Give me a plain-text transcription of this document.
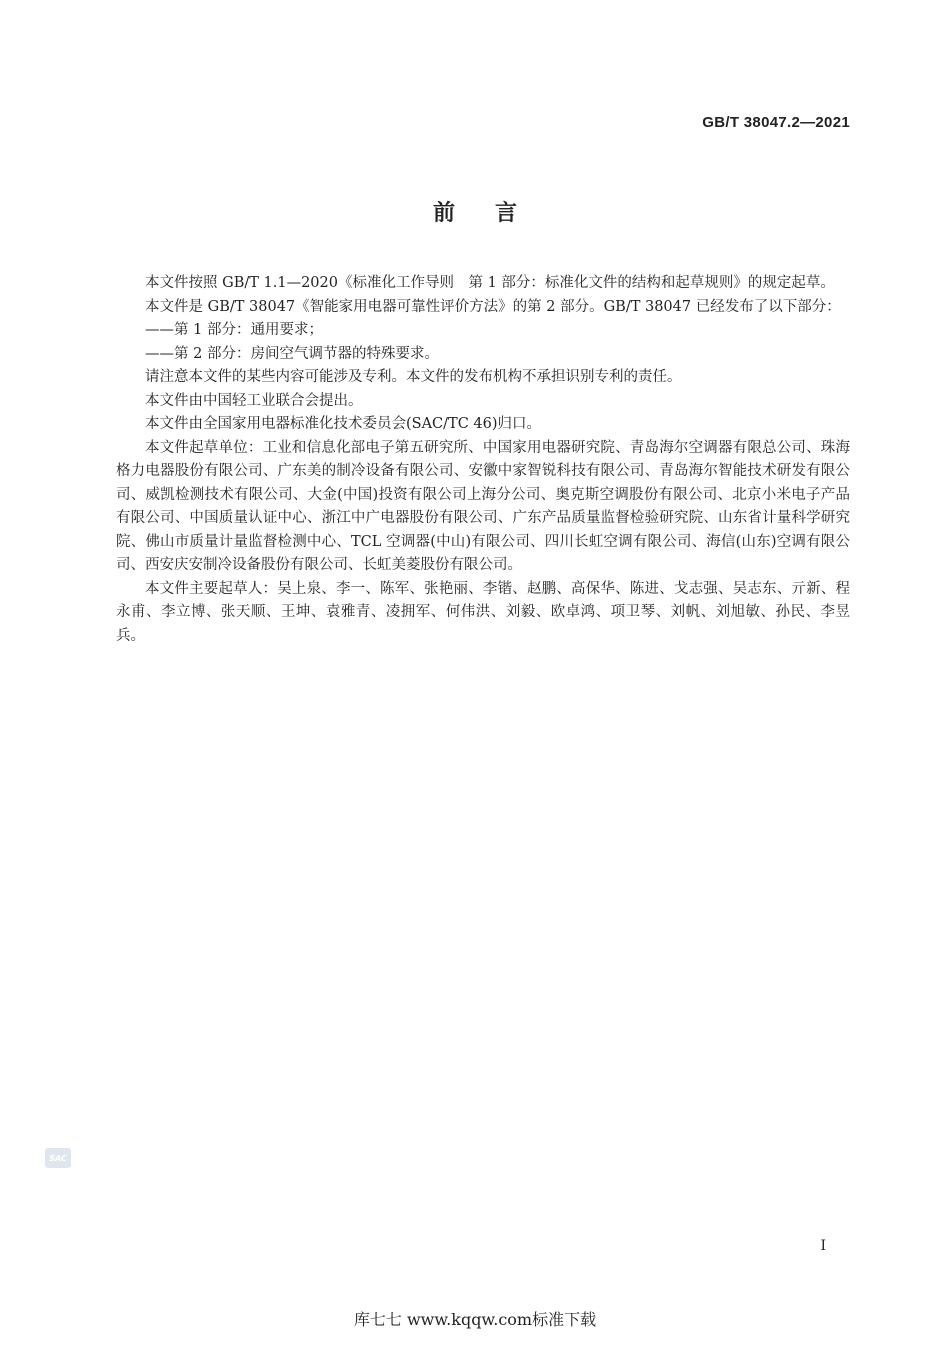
GB/T 38047.2—2021
前言

本文件按照 GB/T 1.1—2020《标准化工作导则　第 1 部分：标准化文件的结构和起草规则》的规定起草。

本文件是 GB/T 38047《智能家用电器可靠性评价方法》的第 2 部分。GB/T 38047 已经发布了以下部分：

——第 1 部分：通用要求；

——第 2 部分：房间空气调节器的特殊要求。

请注意本文件的某些内容可能涉及专利。本文件的发布机构不承担识别专利的责任。

本文件由中国轻工业联合会提出。

本文件由全国家用电器标准化技术委员会(SAC/TC 46)归口。

本文件起草单位：工业和信息化部电子第五研究所、中国家用电器研究院、青岛海尔空调器有限总公司、珠海格力电器股份有限公司、广东美的制冷设备有限公司、安徽中家智锐科技有限公司、青岛海尔智能技术研发有限公司、威凯检测技术有限公司、大金(中国)投资有限公司上海分公司、奥克斯空调股份有限公司、北京小米电子产品有限公司、中国质量认证中心、浙江中广电器股份有限公司、广东产品质量监督检验研究院、山东省计量科学研究院、佛山市质量计量监督检测中心、TCL 空调器(中山)有限公司、四川长虹空调有限公司、海信(山东)空调有限公司、西安庆安制冷设备股份有限公司、长虹美菱股份有限公司。

本文件主要起草人：吴上泉、李一、陈军、张艳丽、李锴、赵鹏、高保华、陈进、戈志强、吴志东、亓新、程永甫、李立博、张天顺、王坤、袁雅青、凌拥军、何伟洪、刘毅、欧卓鸿、项卫琴、刘帆、刘旭敏、孙民、李昱兵。

SAC
I
库七七 www.kqqw.com标准下载
